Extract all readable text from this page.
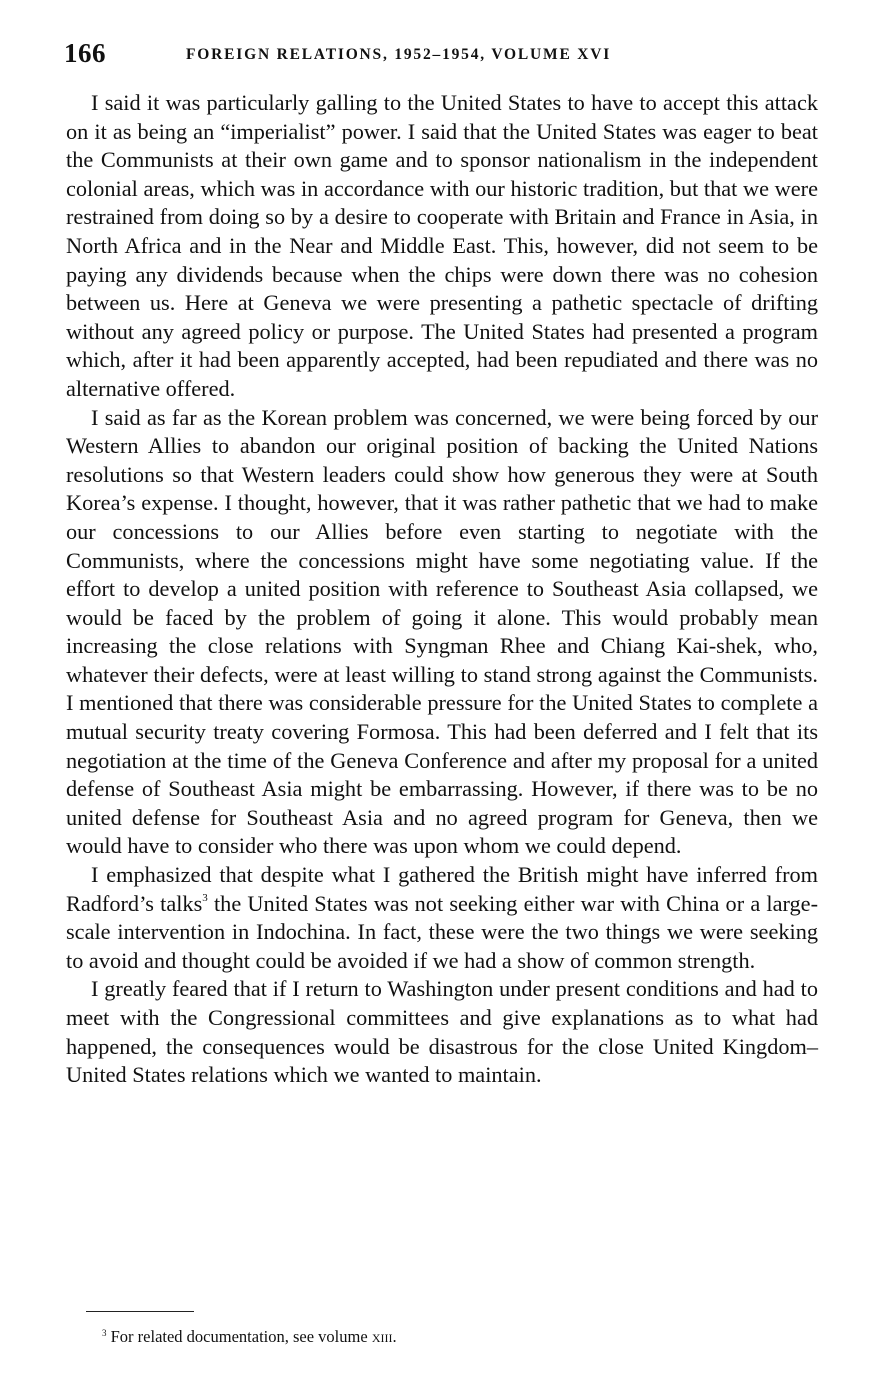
166	FOREIGN RELATIONS, 1952–1954, VOLUME XVI

I said it was particularly galling to the United States to have to accept this attack on it as being an “imperialist” power. I said that the United States was eager to beat the Communists at their own game and to sponsor nationalism in the independent colonial areas, which was in accordance with our historic tradition, but that we were restrained from doing so by a desire to cooperate with Britain and France in Asia, in North Africa and in the Near and Middle East. This, however, did not seem to be paying any dividends because when the chips were down there was no cohesion between us. Here at Geneva we were presenting a pathetic spectacle of drifting without any agreed policy or purpose. The United States had presented a program which, after it had been apparently accepted, had been repudiated and there was no alternative offered.

I said as far as the Korean problem was concerned, we were being forced by our Western Allies to abandon our original position of backing the United Nations resolutions so that Western leaders could show how generous they were at South Korea’s expense. I thought, however, that it was rather pathetic that we had to make our concessions to our Allies before even starting to negotiate with the Communists, where the concessions might have some negotiating value. If the effort to develop a united position with reference to Southeast Asia collapsed, we would be faced by the problem of going it alone. This would probably mean increasing the close relations with Syngman Rhee and Chiang Kai-shek, who, whatever their defects, were at least willing to stand strong against the Communists. I mentioned that there was considerable pressure for the United States to complete a mutual security treaty covering Formosa. This had been deferred and I felt that its negotiation at the time of the Geneva Conference and after my proposal for a united defense of Southeast Asia might be embarrassing. However, if there was to be no united defense for Southeast Asia and no agreed program for Geneva, then we would have to consider who there was upon whom we could depend.

I emphasized that despite what I gathered the British might have inferred from Radford’s talks$^3$ the United States was not seeking either war with China or a large-scale intervention in Indochina. In fact, these were the two things we were seeking to avoid and thought could be avoided if we had a show of common strength.

I greatly feared that if I return to Washington under present conditions and had to meet with the Congressional committees and give explanations as to what had happened, the consequences would be disastrous for the close United Kingdom–United States relations which we wanted to maintain.

$^3$ For related documentation, see volume xiii.
